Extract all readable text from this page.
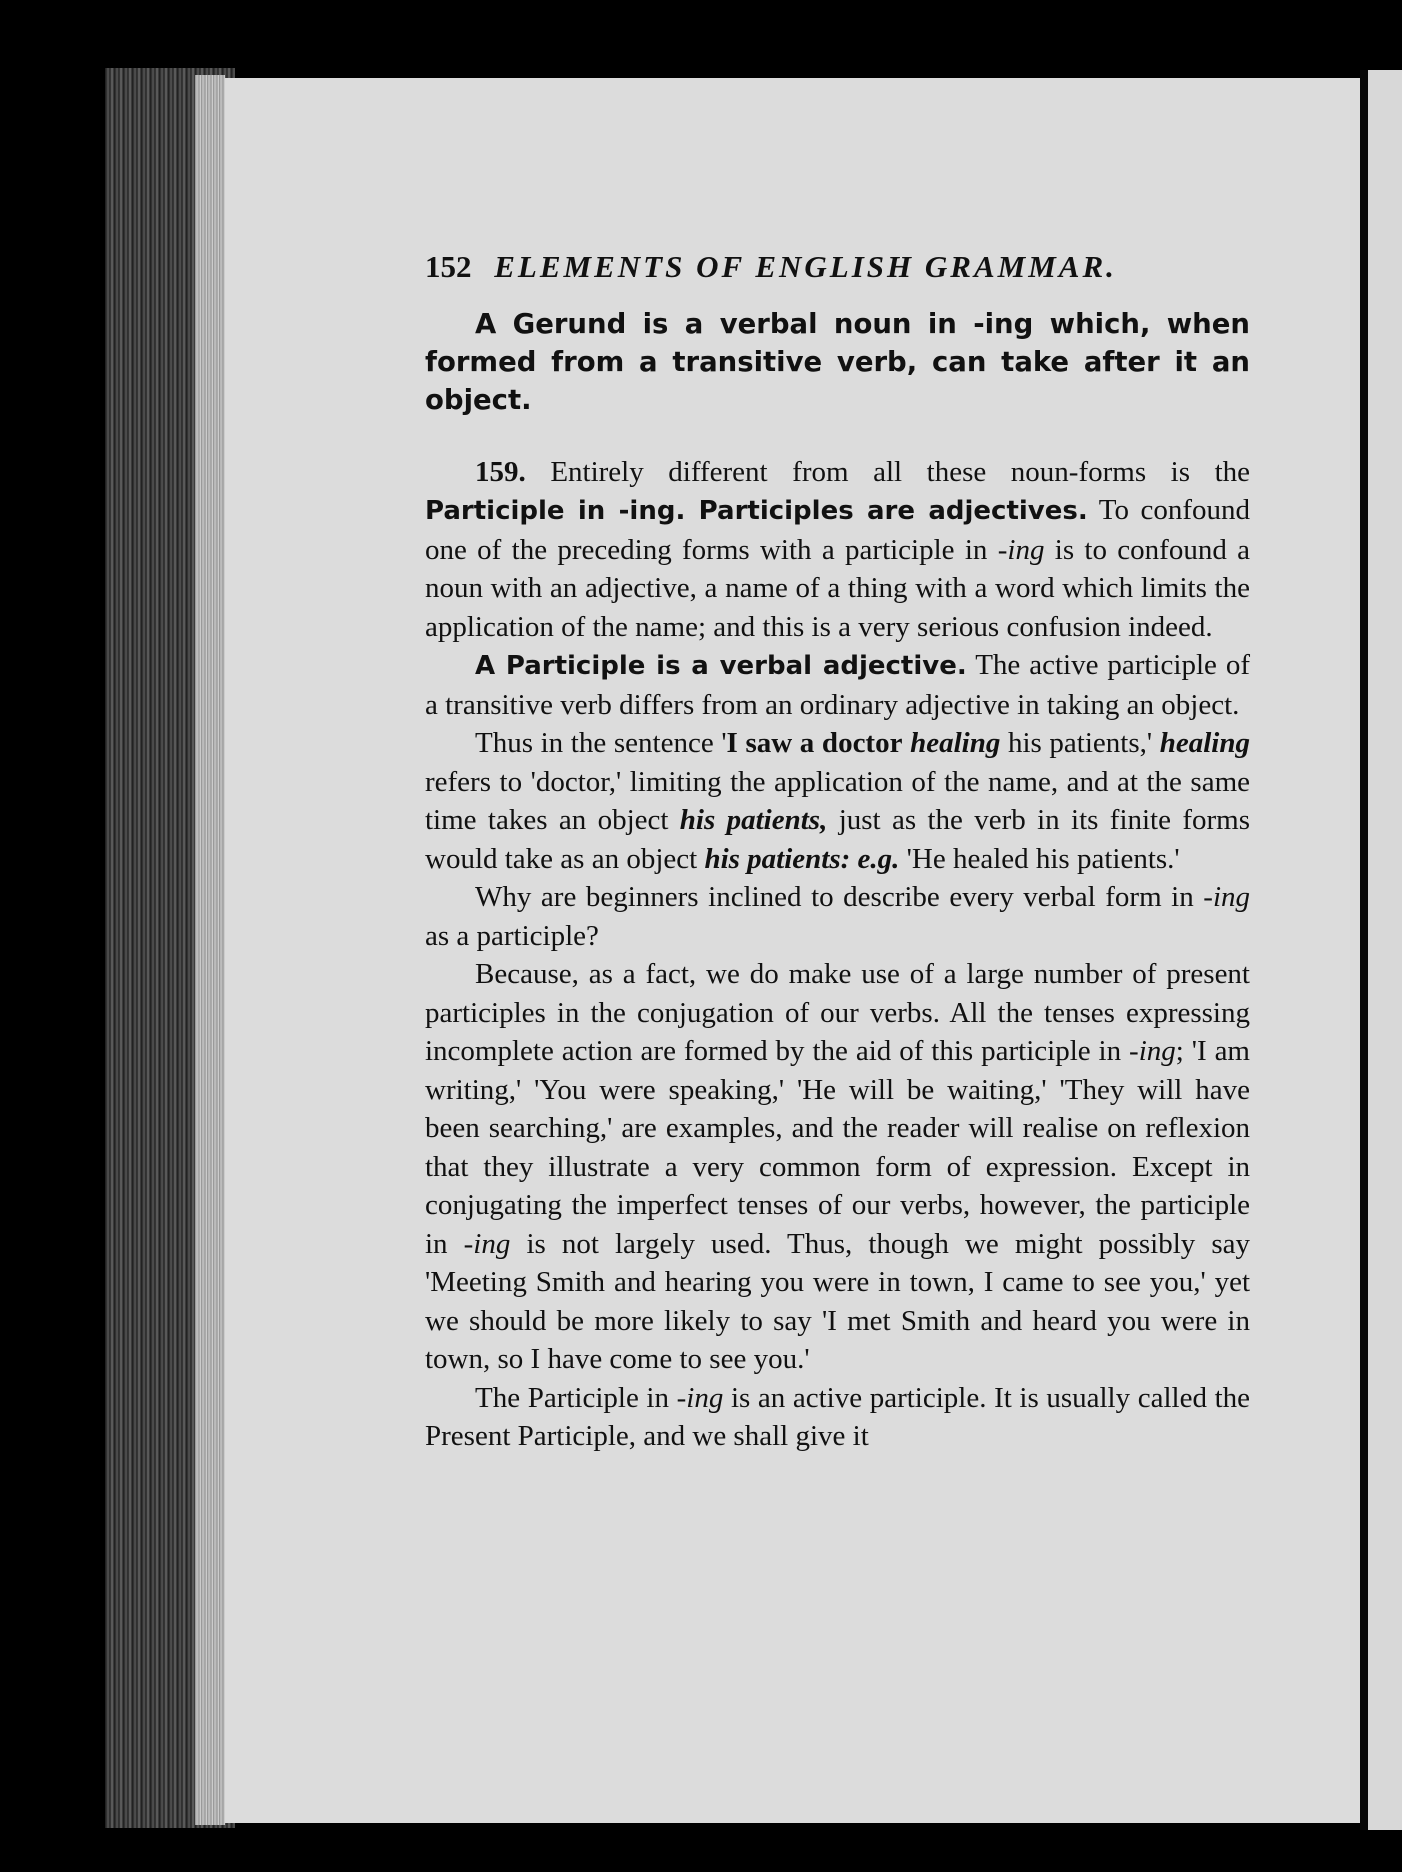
152 ELEMENTS OF ENGLISH GRAMMAR.
A Gerund is a verbal noun in -ing which, when formed from a transitive verb, can take after it an object.

159. Entirely different from all these noun-forms is the Participle in -ing. Participles are adjectives. To confound one of the preceding forms with a participle in -ing is to confound a noun with an adjective, a name of a thing with a word which limits the application of the name; and this is a very serious confusion indeed.

A Participle is a verbal adjective. The active participle of a transitive verb differs from an ordinary adjective in taking an object.

Thus in the sentence 'I saw a doctor healing his patients,' healing refers to 'doctor,' limiting the application of the name, and at the same time takes an object his patients, just as the verb in its finite forms would take as an object his patients: e.g. 'He healed his patients.'

Why are beginners inclined to describe every verbal form in -ing as a participle?

Because, as a fact, we do make use of a large number of present participles in the conjugation of our verbs. All the tenses expressing incomplete action are formed by the aid of this participle in -ing; 'I am writing,' 'You were speaking,' 'He will be waiting,' 'They will have been searching,' are examples, and the reader will realise on reflexion that they illustrate a very common form of expression. Except in conjugating the imperfect tenses of our verbs, however, the participle in -ing is not largely used. Thus, though we might possibly say 'Meeting Smith and hearing you were in town, I came to see you,' yet we should be more likely to say 'I met Smith and heard you were in town, so I have come to see you.'

The Participle in -ing is an active participle. It is usually called the Present Participle, and we shall give it
